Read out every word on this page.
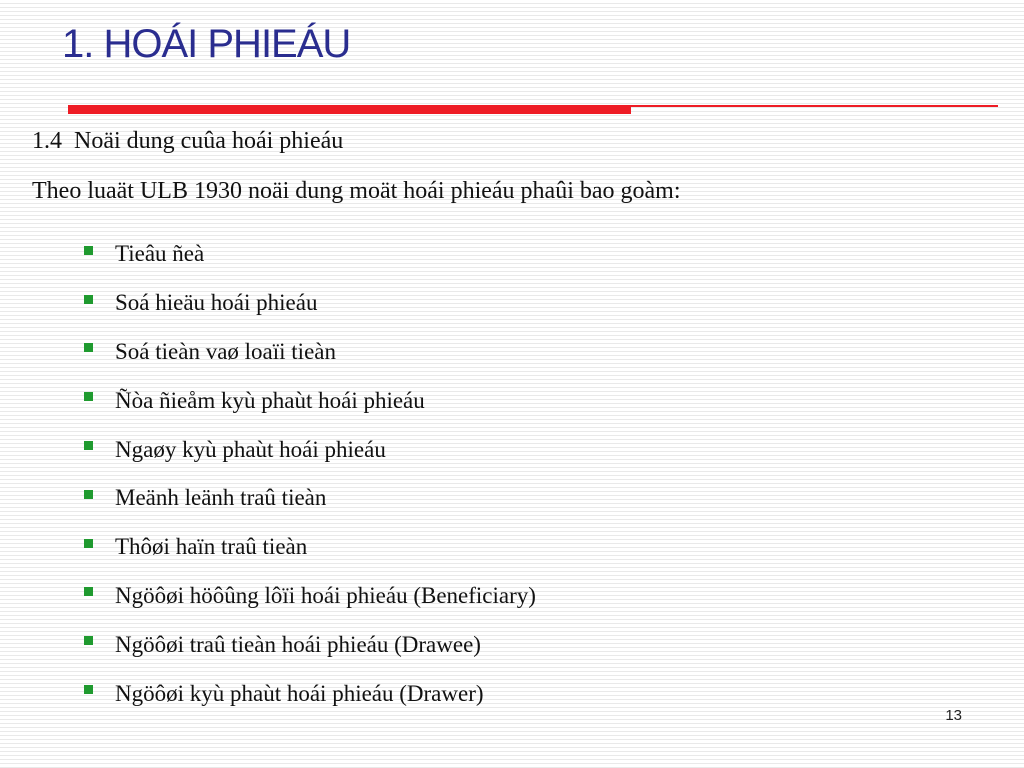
1. HOÁI PHIEÁU
1.4 Noäi dung cuûa hoái phieáu
Theo luaät ULB 1930 noäi dung moät hoái phieáu phaûi bao goàm:
Tieâu ñeà
Soá hieäu hoái phieáu
Soá tieàn vaø loaïi tieàn
Ñòa ñieåm kyù phaùt hoái phieáu
Ngaøy kyù phaùt hoái phieáu
Meänh leänh traû tieàn
Thôøi haïn traû tieàn
Ngöôøi höôûng lôïi hoái phieáu (Beneficiary)
Ngöôøi traû tieàn hoái phieáu (Drawee)
Ngöôøi kyù phaùt hoái phieáu (Drawer)
13
